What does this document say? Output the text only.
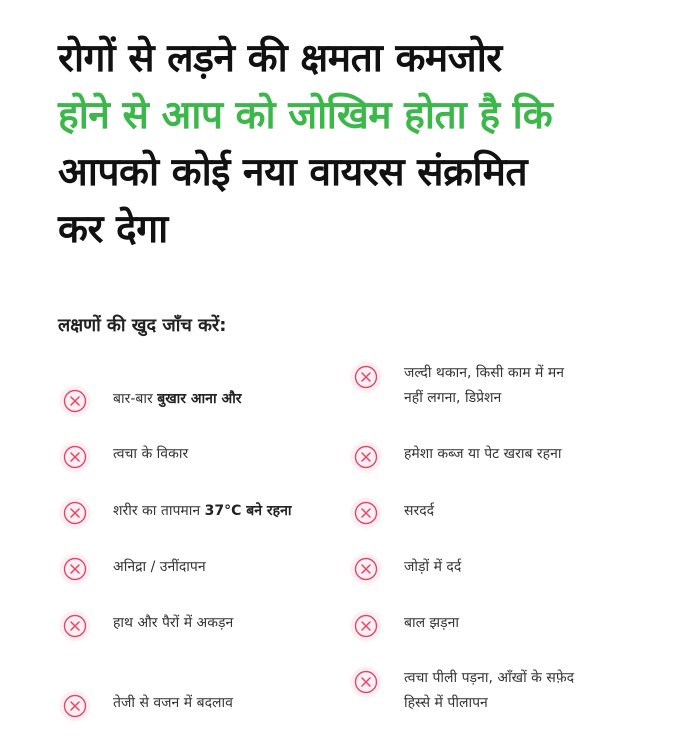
रोगों से लड़ने की क्षमता कमजोर
होने से आप को जोखिम होता है कि
आपको कोई नया वायरस संक्रमित
कर देगा
लक्षणों की खुद जाँच करें:
बार-बार बुखार आना और
त्वचा के विकार
शरीर का तापमान 37°C बने रहना
अनिद्रा / उनींदापन
हाथ और पैरों में अकड़न
तेजी से वजन में बदलाव
जल्दी थकान, किसी काम में मन
नहीं लगना, डिप्रेशन
हमेशा कब्ज या पेट खराब रहना
सरदर्द
जोड़ों में दर्द
बाल झड़ना
त्वचा पीली पड़ना, आँखों के सफ़ेद
हिस्से में पीलापन
